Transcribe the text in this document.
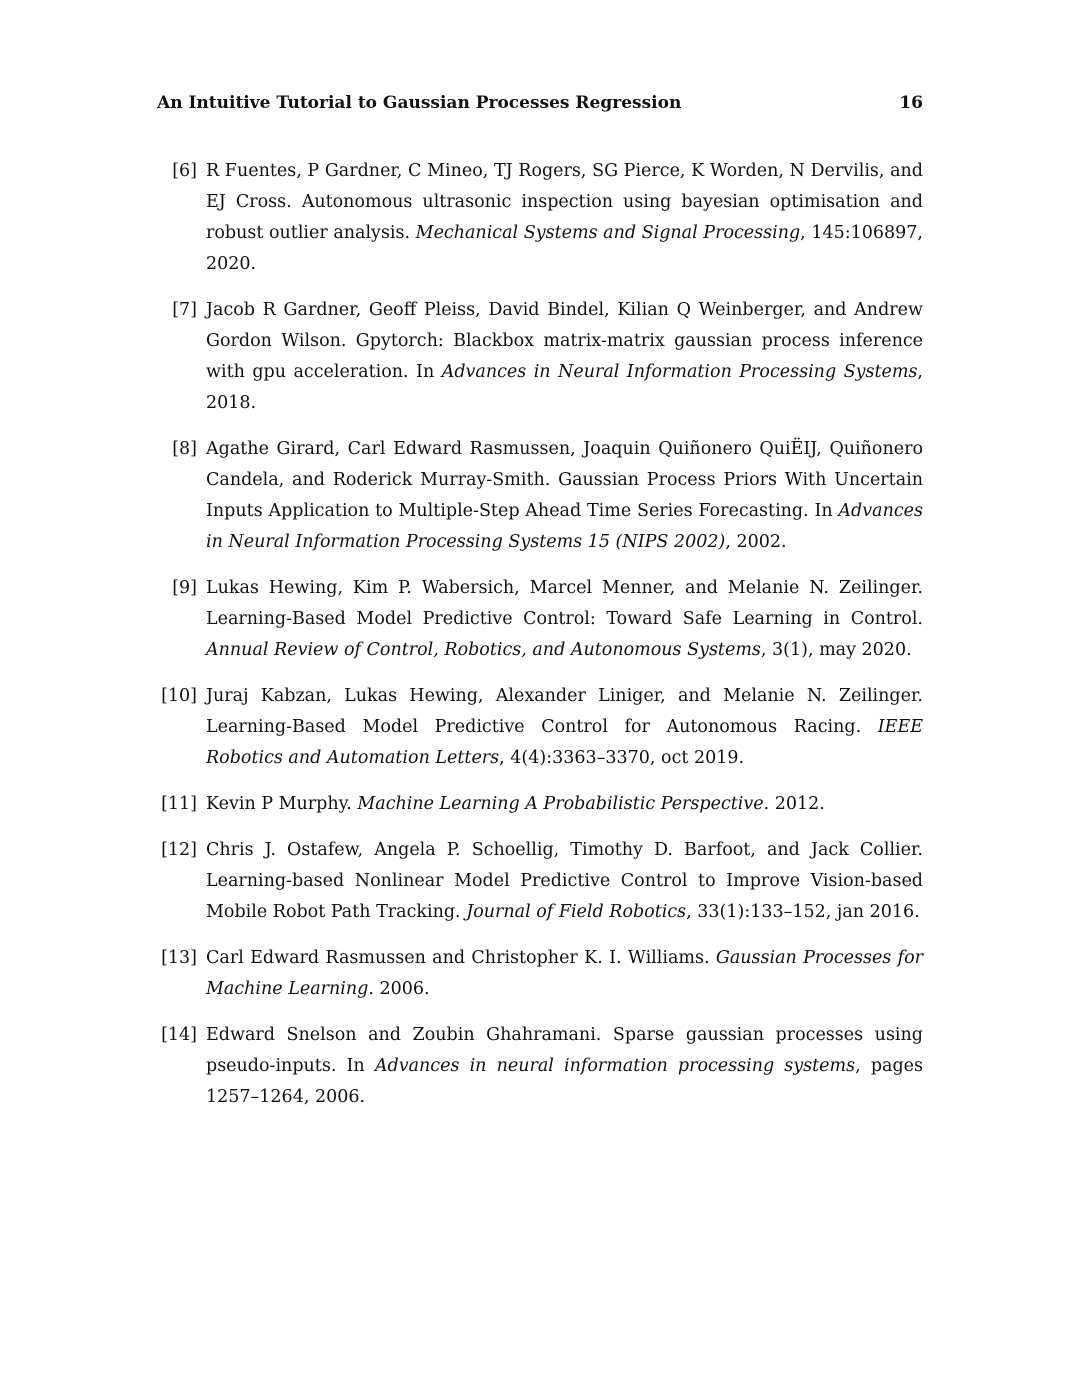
An Intuitive Tutorial to Gaussian Processes Regression	16
[6] R Fuentes, P Gardner, C Mineo, TJ Rogers, SG Pierce, K Worden, N Dervilis, and EJ Cross. Autonomous ultrasonic inspection using bayesian optimisation and robust outlier analysis. Mechanical Systems and Signal Processing, 145:106897, 2020.
[7] Jacob R Gardner, Geoff Pleiss, David Bindel, Kilian Q Weinberger, and Andrew Gordon Wilson. Gpytorch: Blackbox matrix-matrix gaussian process inference with gpu acceleration. In Advances in Neural Information Processing Systems, 2018.
[8] Agathe Girard, Carl Edward Rasmussen, Joaquin Quiñonero QuiËIJ, Quiñonero Candela, and Roderick Murray-Smith. Gaussian Process Priors With Uncertain Inputs Application to Multiple-Step Ahead Time Series Forecasting. In Advances in Neural Information Processing Systems 15 (NIPS 2002), 2002.
[9] Lukas Hewing, Kim P. Wabersich, Marcel Menner, and Melanie N. Zeilinger. Learning-Based Model Predictive Control: Toward Safe Learning in Control. Annual Review of Control, Robotics, and Autonomous Systems, 3(1), may 2020.
[10] Juraj Kabzan, Lukas Hewing, Alexander Liniger, and Melanie N. Zeilinger. Learning-Based Model Predictive Control for Autonomous Racing. IEEE Robotics and Automation Letters, 4(4):3363–3370, oct 2019.
[11] Kevin P Murphy. Machine Learning A Probabilistic Perspective. 2012.
[12] Chris J. Ostafew, Angela P. Schoellig, Timothy D. Barfoot, and Jack Collier. Learning-based Nonlinear Model Predictive Control to Improve Vision-based Mobile Robot Path Tracking. Journal of Field Robotics, 33(1):133–152, jan 2016.
[13] Carl Edward Rasmussen and Christopher K. I. Williams. Gaussian Processes for Machine Learning. 2006.
[14] Edward Snelson and Zoubin Ghahramani. Sparse gaussian processes using pseudo-inputs. In Advances in neural information processing systems, pages 1257–1264, 2006.
